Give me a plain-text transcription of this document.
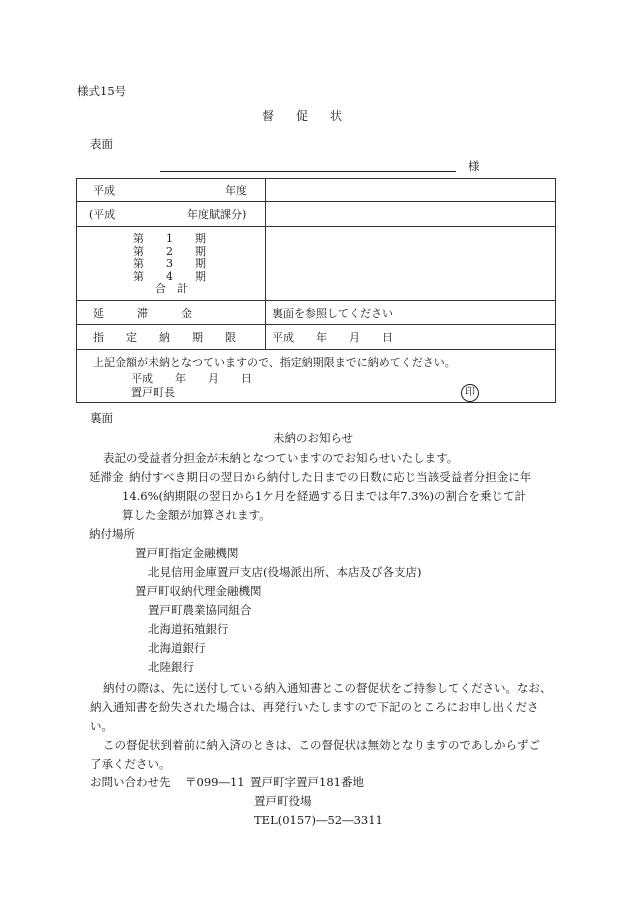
様式15号
督促状
表面
様
平成 年度	

(平成 年度賦課分)	

第　　1　　期
第　　2　　期
第　　3　　期
第　　4　　期
　　合　計	

延　　　滞　　　金	裏面を参照してください

指　　定　　納　　期　　限	平成　　年　　月　　日

上記金額が未納となつていますので、指定納期限までに納めてください。
平成　　年　　月　　日
置戸町長 印	
裏面
未納のお知らせ
表記の受益者分担金が未納となつていますのでお知らせいたします。
延滞金 納付すべき期日の翌日から納付した日までの日数に応じ当該受益者分担金に年
14.6%(納期限の翌日から1ケ月を経過する日までは年7.3%)の割合を乗じて計
算した金額が加算されます。
納付場所
置戸町指定金融機関
北見信用金庫置戸支店(役場派出所、本店及び各支店)
置戸町収納代理金融機関
置戸町農業協同組合
北海道拓殖銀行
北海道銀行
北陸銀行
納付の際は、先に送付している納入通知書とこの督促状をご持参してください。なお、
納入通知書を紛失された場合は、再発行いたしますので下記のところにお申し出くださ
い。
この督促状到着前に納入済のときは、この督促状は無効となりますのであしからずご
了承ください。
お問い合わせ先 〒099―11 置戸町字置戸181番地
置戸町役場
TEL(0157)―52―3311
